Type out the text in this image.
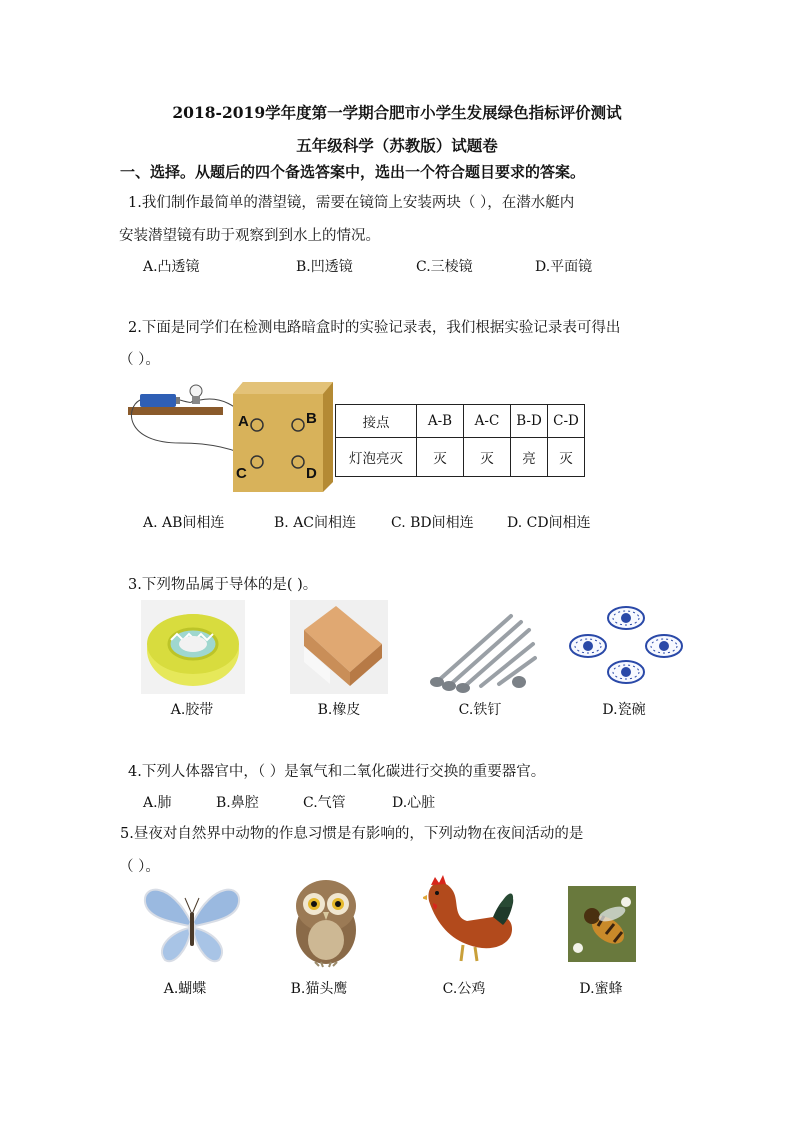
2018-2019学年度第一学期合肥市小学生发展绿色指标评价测试
五年级科学（苏教版）试题卷
一、选择。从题后的四个备选答案中，选出一个符合题目要求的答案。
1.我们制作最简单的潜望镜，需要在镜筒上安装两块（ ），在潜水艇内
安装潜望镜有助于观察到到水上的情况。
A.凸透镜	B.凹透镜	C.三棱镜	D.平面镜
2.下面是同学们在检测电路暗盒时的实验记录表，我们根据实验记录表可得出
（ ）。
A	B
C	D
接点	A-B	A-C	B-D	C-D
灯泡亮灭	灭	灭	亮	灭
A. AB间相连	B. AC间相连 C. BD间相连 D. CD间相连
3.下列物品属于导体的是( )。
A.胶带	B.橡皮	C.铁钉	D.瓷碗
4.下列人体器官中，（ ）是氧气和二氧化碳进行交换的重要器官。
A.肺	B.鼻腔	C.气管	D.心脏
5.昼夜对自然界中动物的作息习惯是有影响的，下列动物在夜间活动的是
（ ）。
A.蝴蝶	B.猫头鹰	C.公鸡	D.蜜蜂
